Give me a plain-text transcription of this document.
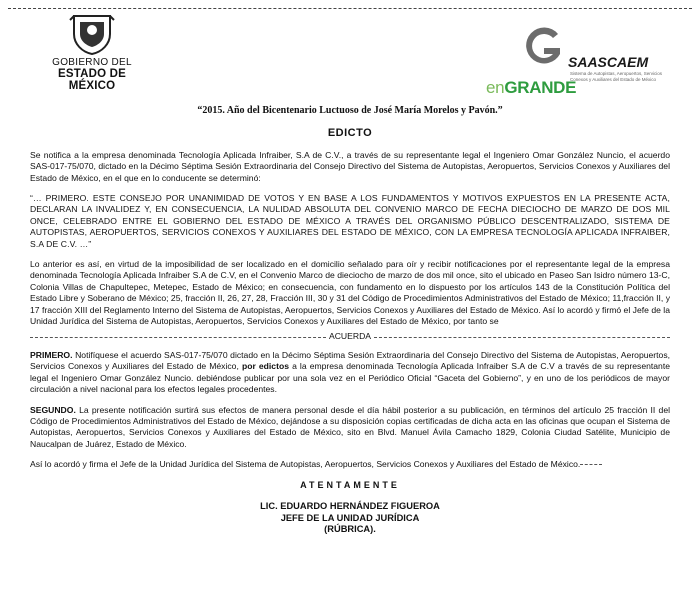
GOBIERNO DEL
ESTADO DE MÉXICO	enGRANDE
SAASCAEM
Sistema de Autopistas, Aeropuertos, Servicios Conexos y Auxiliares del Estado de México
“2015. Año del Bicentenario Luctuoso de José María Morelos y Pavón.”
EDICTO

Se notifica a la empresa denominada Tecnología Aplicada Infraiber, S.A de C.V., a través de su representante legal el Ingeniero Omar González Nuncio, el acuerdo SAS-017-75/070, dictado en la Décimo Séptima Sesión Extraordinaria del Consejo Directivo del Sistema de Autopistas, Aeropuertos, Servicios Conexos y Auxiliares del Estado de México, en el que en lo conducente se determinó:

“… PRIMERO. ESTE CONSEJO POR UNANIMIDAD DE VOTOS Y EN BASE A LOS FUNDAMENTOS Y MOTIVOS EXPUESTOS EN LA PRESENTE ACTA, DECLARAN LA INVALIDEZ Y, EN CONSECUENCIA, LA NULIDAD ABSOLUTA DEL CONVENIO MARCO DE FECHA DIECIOCHO DE MARZO DE DOS MIL ONCE, CELEBRADO ENTRE EL GOBIERNO DEL ESTADO DE MÉXICO A TRAVÉS DEL ORGANISMO PÚBLICO DESCENTRALIZADO, SISTEMA DE AUTOPISTAS, AEROPUERTOS, SERVICIOS CONEXOS Y AUXILIARES DEL ESTADO DE MÉXICO, CON LA EMPRESA TECNOLOGÍA APLICADA INFRAIBER, S.A DE C.V. …”

Lo anterior es así, en virtud de la imposibilidad de ser localizado en el domicilio señalado para oír y recibir notificaciones por el representante legal de la empresa denominada Tecnología Aplicada Infraiber S.A de C.V, en el Convenio Marco de dieciocho de marzo de dos mil once, sito el ubicado en Paseo San Isidro número 13-C, Colonia Villas de Chapultepec, Metepec, Estado de México; en consecuencia, con fundamento en lo dispuesto por los artículos 143 de la Constitución Política del Estado Libre y Soberano de México; 25, fracción II, 26, 27, 28, Fracción III, 30 y 31 del Código de Procedimientos Administrativos del Estado de México; 11,fracción II, y 17 fracción XIII del Reglamento Interno del Sistema de Autopistas, Aeropuertos, Servicios Conexos y Auxiliares del Estado de México. Así lo acordó y firmó el Jefe de la Unidad Jurídica del Sistema de Autopistas, Aeropuertos, Servicios Conexos y Auxiliares del Estado de México, por tanto se

ACUERDA

PRIMERO. Notifíquese el acuerdo SAS-017-75/070 dictado en la Décimo Séptima Sesión Extraordinaria del Consejo Directivo del Sistema de Autopistas, Aeropuertos, Servicios Conexos y Auxiliares del Estado de México, por edictos a la empresa denominada Tecnología Aplicada Infraiber S.A de C.V a través de su representante legal el Ingeniero Omar González Nuncio. debiéndose publicar por una sola vez en el Periódico Oficial “Gaceta del Gobierno”, y en uno de los periódicos de mayor circulación a nivel nacional para los efectos legales procedentes.

SEGUNDO. La presente notificación surtirá sus efectos de manera personal desde el día hábil posterior a su publicación, en términos del artículo 25 fracción II del Código de Procedimientos Administrativos del Estado de México, dejándose a su disposición copias certificadas de dicha acta en las oficinas que ocupan el Sistema de Autopistas, Aeropuertos, Servicios Conexos y Auxiliares del Estado de México, sito en Blvd. Manuel Ávila Camacho 1829, Colonia Ciudad Satélite, Municipio de Naucalpan de Juárez, Estado de México.

Así lo acordó y firma el Jefe de la Unidad Jurídica del Sistema de Autopistas, Aeropuertos, Servicios Conexos y Auxiliares del Estado de México.

ATENTAMENTE
LIC. EDUARDO HERNÁNDEZ FIGUEROA
JEFE DE LA UNIDAD JURÍDICA
(RÚBRICA).
